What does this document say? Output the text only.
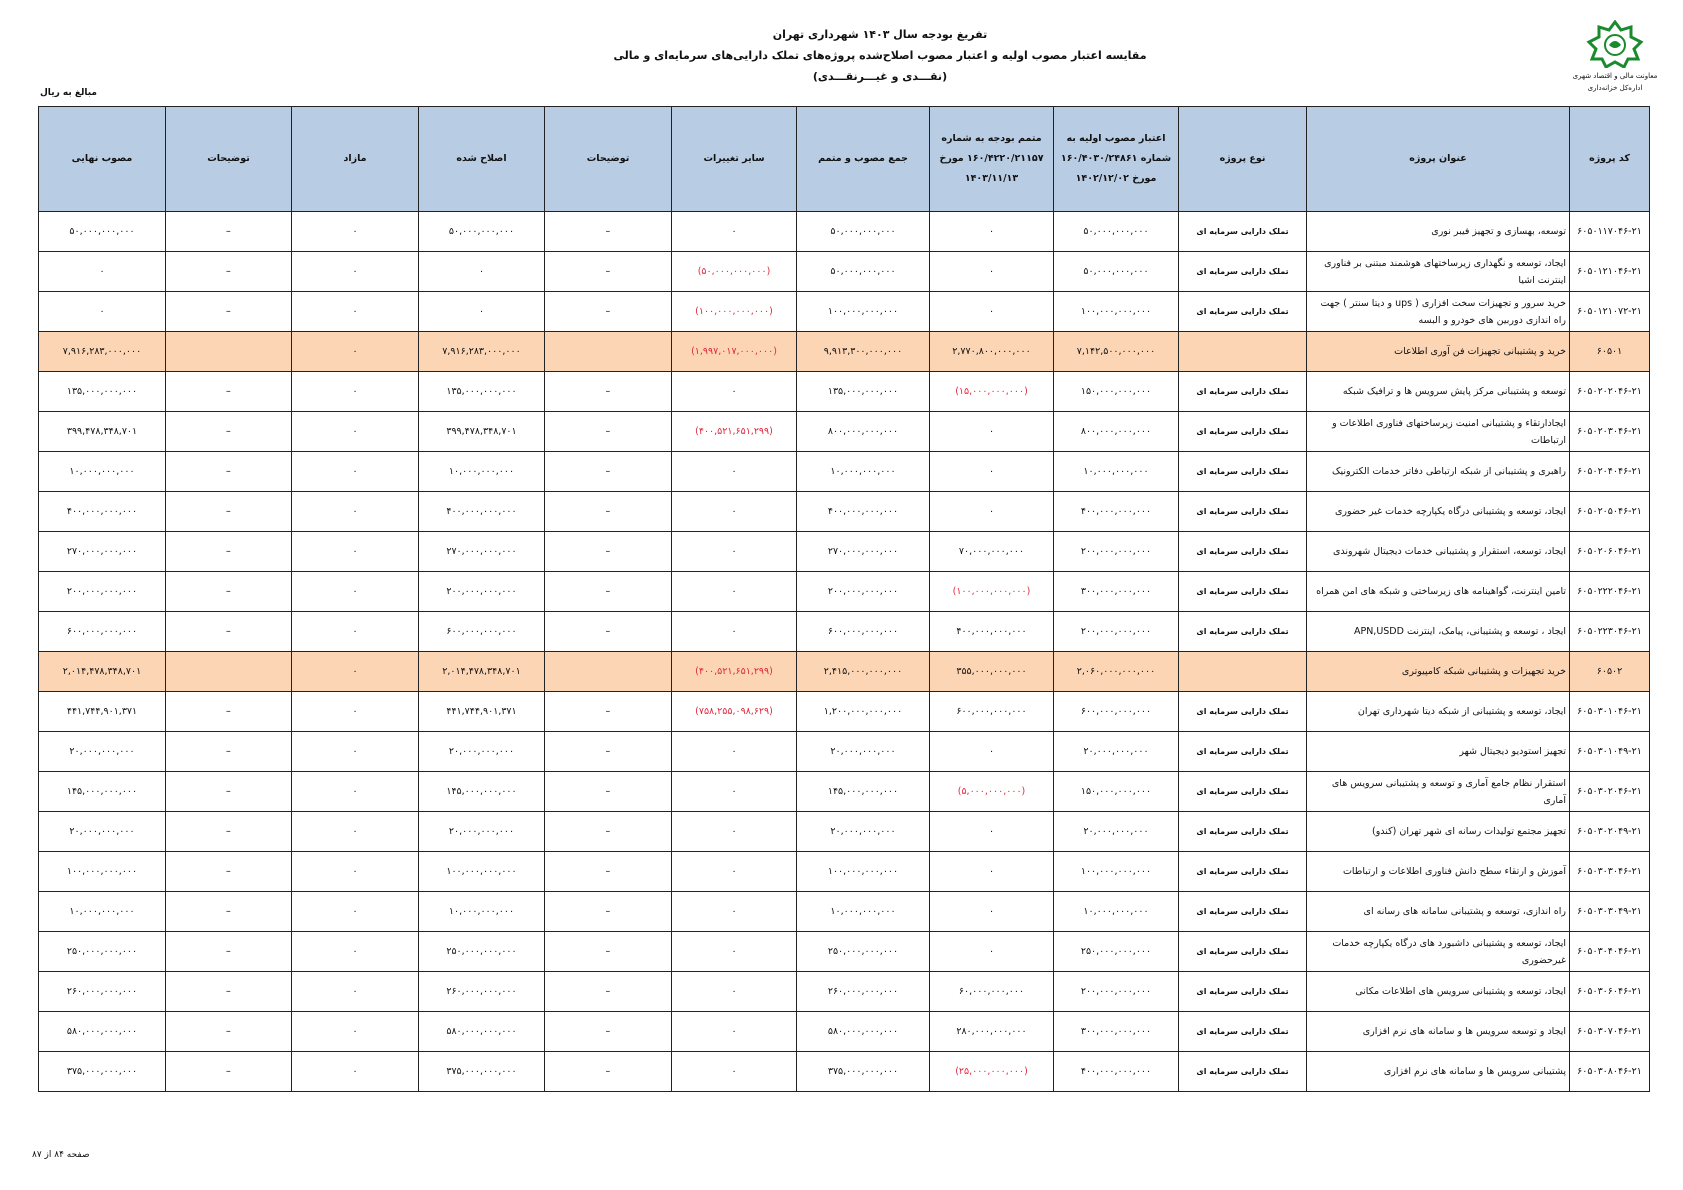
معاونت مالی و اقتصاد شهری
اداره‌کل خزانه‌داری
تفریغ بودجه سال ۱۴۰۳ شهرداری تهران
مقایسه اعتبار مصوب اولیه و اعتبار مصوب اصلاح‌شده پروژه‌های تملک دارایی‌های سرمایه‌ای و مالی
(نقـــدی و غیـــرنقـــدی)
مبالغ به ریال
کد پروژه	عنوان پروژه	نوع پروژه	اعتبار مصوب اولیه به شماره ۱۶۰/۴۰۳۰/۲۴۸۶۱ مورخ ۱۴۰۲/۱۲/۰۲	متمم بودجه به شماره ۱۶۰/۴۲۲۰/۲۱۱۵۷ مورخ ۱۴۰۳/۱۱/۱۳	جمع مصوب و متمم	سایر تغییرات	توضیحات	اصلاح شده	مازاد	توضیحات	مصوب نهایی
۶۰۵۰۱۱۷۰۴۶-۲۱	توسعه، بهسازی و تجهیز فیبر نوری	تملک دارایی سرمایه ای	۵۰,۰۰۰,۰۰۰,۰۰۰	۰	۵۰,۰۰۰,۰۰۰,۰۰۰	۰	–	۵۰,۰۰۰,۰۰۰,۰۰۰	۰	–	۵۰,۰۰۰,۰۰۰,۰۰۰
۶۰۵۰۱۲۱۰۴۶-۲۱	ایجاد، توسعه و نگهداری زیرساختهای هوشمند مبتنی بر فناوری اینترنت اشیا	تملک دارایی سرمایه ای	۵۰,۰۰۰,۰۰۰,۰۰۰	۰	۵۰,۰۰۰,۰۰۰,۰۰۰	(۵۰,۰۰۰,۰۰۰,۰۰۰)	–	۰	۰	–	۰
۶۰۵۰۱۲۱۰۷۲-۲۱	خرید سرور و تجهیزات سخت افزاری ( ups و دیتا سنتر ) جهت راه اندازی دوربین های خودرو و البسه	تملک دارایی سرمایه ای	۱۰۰,۰۰۰,۰۰۰,۰۰۰	۰	۱۰۰,۰۰۰,۰۰۰,۰۰۰	(۱۰۰,۰۰۰,۰۰۰,۰۰۰)	–	۰	۰	–	۰
۶۰۵۰۱	خرید و پشتیبانی تجهیزات فن آوری اطلاعات		۷,۱۴۲,۵۰۰,۰۰۰,۰۰۰	۲,۷۷۰,۸۰۰,۰۰۰,۰۰۰	۹,۹۱۳,۳۰۰,۰۰۰,۰۰۰	(۱,۹۹۷,۰۱۷,۰۰۰,۰۰۰)		۷,۹۱۶,۲۸۳,۰۰۰,۰۰۰	۰		۷,۹۱۶,۲۸۳,۰۰۰,۰۰۰
۶۰۵۰۲۰۲۰۴۶-۲۱	توسعه و پشتیبانی مرکز پایش سرویس ها و ترافیک شبکه	تملک دارایی سرمایه ای	۱۵۰,۰۰۰,۰۰۰,۰۰۰	(۱۵,۰۰۰,۰۰۰,۰۰۰)	۱۳۵,۰۰۰,۰۰۰,۰۰۰	۰	–	۱۳۵,۰۰۰,۰۰۰,۰۰۰	۰	–	۱۳۵,۰۰۰,۰۰۰,۰۰۰
۶۰۵۰۲۰۳۰۴۶-۲۱	ایجادارتقاء و پشتیبانی امنیت زیرساختهای فناوری اطلاعات و ارتباطات	تملک دارایی سرمایه ای	۸۰۰,۰۰۰,۰۰۰,۰۰۰	۰	۸۰۰,۰۰۰,۰۰۰,۰۰۰	(۴۰۰,۵۲۱,۶۵۱,۲۹۹)	–	۳۹۹,۴۷۸,۳۴۸,۷۰۱	۰	–	۳۹۹,۴۷۸,۳۴۸,۷۰۱
۶۰۵۰۲۰۴۰۴۶-۲۱	راهبری و پشتیبانی از شبکه ارتباطی دفاتر خدمات الکترونیک	تملک دارایی سرمایه ای	۱۰,۰۰۰,۰۰۰,۰۰۰	۰	۱۰,۰۰۰,۰۰۰,۰۰۰	۰	–	۱۰,۰۰۰,۰۰۰,۰۰۰	۰	–	۱۰,۰۰۰,۰۰۰,۰۰۰
۶۰۵۰۲۰۵۰۴۶-۲۱	ایجاد، توسعه و پشتیبانی درگاه یکپارچه خدمات غیر حضوری	تملک دارایی سرمایه ای	۴۰۰,۰۰۰,۰۰۰,۰۰۰	۰	۴۰۰,۰۰۰,۰۰۰,۰۰۰	۰	–	۴۰۰,۰۰۰,۰۰۰,۰۰۰	۰	–	۴۰۰,۰۰۰,۰۰۰,۰۰۰
۶۰۵۰۲۰۶۰۴۶-۲۱	ایجاد، توسعه، استقرار و پشتیبانی خدمات دیجیتال شهروندی	تملک دارایی سرمایه ای	۲۰۰,۰۰۰,۰۰۰,۰۰۰	۷۰,۰۰۰,۰۰۰,۰۰۰	۲۷۰,۰۰۰,۰۰۰,۰۰۰	۰	–	۲۷۰,۰۰۰,۰۰۰,۰۰۰	۰	–	۲۷۰,۰۰۰,۰۰۰,۰۰۰
۶۰۵۰۲۲۲۰۴۶-۲۱	تامین اینترنت، گواهینامه های زیرساختی و شبکه های امن همراه	تملک دارایی سرمایه ای	۳۰۰,۰۰۰,۰۰۰,۰۰۰	(۱۰۰,۰۰۰,۰۰۰,۰۰۰)	۲۰۰,۰۰۰,۰۰۰,۰۰۰	۰	–	۲۰۰,۰۰۰,۰۰۰,۰۰۰	۰	–	۲۰۰,۰۰۰,۰۰۰,۰۰۰
۶۰۵۰۲۲۳۰۴۶-۲۱	ایجاد ، توسعه و پشتیبانی، پیامک، اینترنت APN,USDD	تملک دارایی سرمایه ای	۲۰۰,۰۰۰,۰۰۰,۰۰۰	۴۰۰,۰۰۰,۰۰۰,۰۰۰	۶۰۰,۰۰۰,۰۰۰,۰۰۰	۰	–	۶۰۰,۰۰۰,۰۰۰,۰۰۰	۰	–	۶۰۰,۰۰۰,۰۰۰,۰۰۰
۶۰۵۰۲	خرید تجهیزات و پشتیبانی شبکه کامپیوتری		۲,۰۶۰,۰۰۰,۰۰۰,۰۰۰	۳۵۵,۰۰۰,۰۰۰,۰۰۰	۲,۴۱۵,۰۰۰,۰۰۰,۰۰۰	(۴۰۰,۵۲۱,۶۵۱,۲۹۹)		۲,۰۱۴,۴۷۸,۳۴۸,۷۰۱	۰		۲,۰۱۴,۴۷۸,۳۴۸,۷۰۱
۶۰۵۰۳۰۱۰۴۶-۲۱	ایجاد، توسعه و پشتیبانی از شبکه دیتا شهرداری تهران	تملک دارایی سرمایه ای	۶۰۰,۰۰۰,۰۰۰,۰۰۰	۶۰۰,۰۰۰,۰۰۰,۰۰۰	۱,۲۰۰,۰۰۰,۰۰۰,۰۰۰	(۷۵۸,۲۵۵,۰۹۸,۶۲۹)	–	۴۴۱,۷۴۴,۹۰۱,۳۷۱	۰	–	۴۴۱,۷۴۴,۹۰۱,۳۷۱
۶۰۵۰۳۰۱۰۴۹-۲۱	تجهیز استودیو دیجیتال شهر	تملک دارایی سرمایه ای	۲۰,۰۰۰,۰۰۰,۰۰۰	۰	۲۰,۰۰۰,۰۰۰,۰۰۰	۰	–	۲۰,۰۰۰,۰۰۰,۰۰۰	۰	–	۲۰,۰۰۰,۰۰۰,۰۰۰
۶۰۵۰۳۰۲۰۴۶-۲۱	استقرار نظام جامع آماری و توسعه و پشتیبانی سرویس های آماری	تملک دارایی سرمایه ای	۱۵۰,۰۰۰,۰۰۰,۰۰۰	(۵,۰۰۰,۰۰۰,۰۰۰)	۱۴۵,۰۰۰,۰۰۰,۰۰۰	۰	–	۱۴۵,۰۰۰,۰۰۰,۰۰۰	۰	–	۱۴۵,۰۰۰,۰۰۰,۰۰۰
۶۰۵۰۳۰۲۰۴۹-۲۱	تجهیز مجتمع تولیدات رسانه ای شهر تهران (کندو)	تملک دارایی سرمایه ای	۲۰,۰۰۰,۰۰۰,۰۰۰	۰	۲۰,۰۰۰,۰۰۰,۰۰۰	۰	–	۲۰,۰۰۰,۰۰۰,۰۰۰	۰	–	۲۰,۰۰۰,۰۰۰,۰۰۰
۶۰۵۰۳۰۳۰۴۶-۲۱	آموزش و ارتقاء سطح دانش فناوری اطلاعات و ارتباطات	تملک دارایی سرمایه ای	۱۰۰,۰۰۰,۰۰۰,۰۰۰	۰	۱۰۰,۰۰۰,۰۰۰,۰۰۰	۰	–	۱۰۰,۰۰۰,۰۰۰,۰۰۰	۰	–	۱۰۰,۰۰۰,۰۰۰,۰۰۰
۶۰۵۰۳۰۳۰۴۹-۲۱	راه اندازی، توسعه و پشتیبانی سامانه های رسانه ای	تملک دارایی سرمایه ای	۱۰,۰۰۰,۰۰۰,۰۰۰	۰	۱۰,۰۰۰,۰۰۰,۰۰۰	۰	–	۱۰,۰۰۰,۰۰۰,۰۰۰	۰	–	۱۰,۰۰۰,۰۰۰,۰۰۰
۶۰۵۰۳۰۴۰۴۶-۲۱	ایجاد، توسعه و پشتیبانی داشبورد های درگاه یکپارچه خدمات غیرحضوری	تملک دارایی سرمایه ای	۲۵۰,۰۰۰,۰۰۰,۰۰۰	۰	۲۵۰,۰۰۰,۰۰۰,۰۰۰	۰	–	۲۵۰,۰۰۰,۰۰۰,۰۰۰	۰	–	۲۵۰,۰۰۰,۰۰۰,۰۰۰
۶۰۵۰۳۰۶۰۴۶-۲۱	ایجاد، توسعه و پشتیبانی سرویس های اطلاعات مکانی	تملک دارایی سرمایه ای	۲۰۰,۰۰۰,۰۰۰,۰۰۰	۶۰,۰۰۰,۰۰۰,۰۰۰	۲۶۰,۰۰۰,۰۰۰,۰۰۰	۰	–	۲۶۰,۰۰۰,۰۰۰,۰۰۰	۰	–	۲۶۰,۰۰۰,۰۰۰,۰۰۰
۶۰۵۰۳۰۷۰۴۶-۲۱	ایجاد و توسعه سرویس ها و سامانه های نرم افزاری	تملک دارایی سرمایه ای	۳۰۰,۰۰۰,۰۰۰,۰۰۰	۲۸۰,۰۰۰,۰۰۰,۰۰۰	۵۸۰,۰۰۰,۰۰۰,۰۰۰	۰	–	۵۸۰,۰۰۰,۰۰۰,۰۰۰	۰	–	۵۸۰,۰۰۰,۰۰۰,۰۰۰
۶۰۵۰۳۰۸۰۴۶-۲۱	پشتیبانی سرویس ها و سامانه های نرم افزاری	تملک دارایی سرمایه ای	۴۰۰,۰۰۰,۰۰۰,۰۰۰	(۲۵,۰۰۰,۰۰۰,۰۰۰)	۳۷۵,۰۰۰,۰۰۰,۰۰۰	۰	–	۳۷۵,۰۰۰,۰۰۰,۰۰۰	۰	–	۳۷۵,۰۰۰,۰۰۰,۰۰۰
صفحه ۸۴ از ۸۷
